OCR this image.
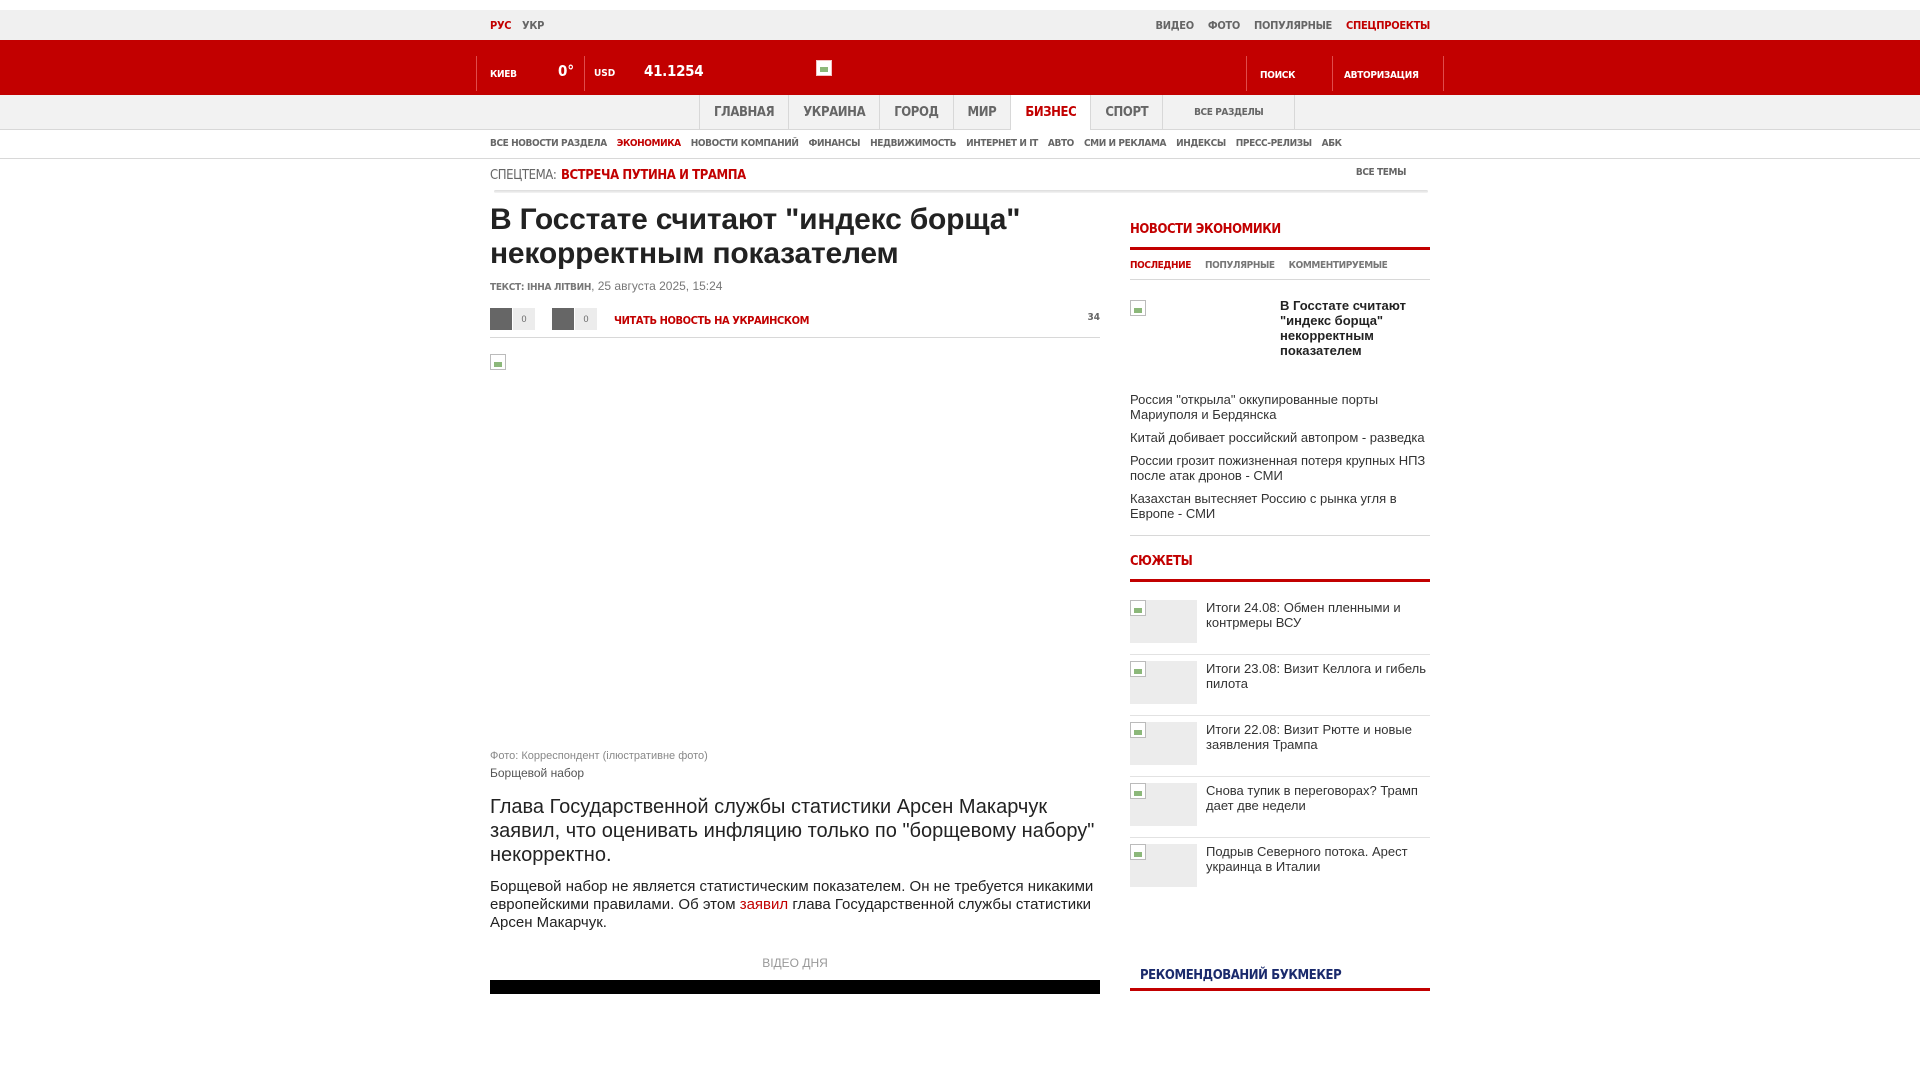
РУС УКР	ВИДЕО ФОТО ПОПУЛЯРНЫЕ СПЕЦПРОЕКТЫ
КИЕВ	0° USD 41.1254	ПОИСК	АВТОРИЗАЦИЯ
ГЛАВНАЯ	УКРАИНА	ГОРОД	МИР	БИЗНЕС	СПОРТ	ВСЕ РАЗДЕЛЫ
ВСЕ НОВОСТИ РАЗДЕЛА ЭКОНОМИКА НОВОСТИ КОМПАНИЙ ФИНАНСЫ НЕДВИЖИМОСТЬ ИНТЕРНЕТ И IT АВТО СМИ И РЕКЛАМА ИНДЕКСЫ ПРЕСС-РЕЛИЗЫ АБК
СПЕЦТЕМА: ВСТРЕЧА ПУТИНА И ТРАМПА	ВСЕ ТЕМЫ
В Госстате считают "индекс борща" некорректным показателем
ТЕКСТ: ІННА ЛІТВИН, 25 августа 2025, 15:24
0	0	ЧИТАТЬ НОВОСТЬ НА УКРАИНСКОМ	34
Фото: Корреспондент (ілюстративне фото)
Борщевой набор

Глава Государственной службы статистики Арсен Макарчук заявил, что оценивать инфляцию только по "борщевому набору" некорректно.

Борщевой набор не является статистическим показателем. Он не требуется никакими европейскими правилами. Об этом заявил глава Государственной службы статистики Арсен Макарчук.

ВІДЕО ДНЯ
НОВОСТИ ЭКОНОМИКИ
ПОСЛЕДНИЕ ПОПУЛЯРНЫЕ КОММЕНТИРУЕМЫЕ
В Госстате считают "индекс борща" некорректным показателем
Россия "открыла" оккупированные порты Мариуполя и Бердянска
Китай добивает российский автопром - разведка
России грозит пожизненная потеря крупных НПЗ после атак дронов - СМИ
Казахстан вытесняет Россию с рынка угля в Европе - СМИ
СЮЖЕТЫ
Итоги 24.08: Обмен пленными и контрмеры ВСУ
Итоги 23.08: Визит Келлога и гибель пилота
Итоги 22.08: Визит Рютте и новые заявления Трампа
Снова тупик в переговорах? Трамп дает две недели
Подрыв Северного потока. Арест украинца в Италии
РЕКОМЕНДОВАНИЙ БУКМЕКЕР
